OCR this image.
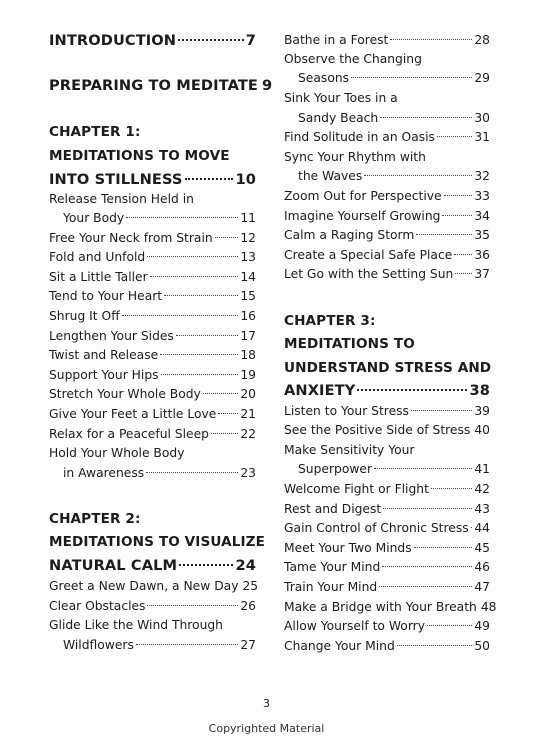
INTRODUCTION	7
PREPARING TO MEDITATE 9
CHAPTER 1:
MEDITATIONS TO MOVE
INTO STILLNESS	10
Release Tension Held in
Your Body	11
Free Your Neck from Strain 12
Fold and Unfold	13
Sit a Little Taller	14
Tend to Your Heart	15
Shrug It Off	16
Lengthen Your Sides	17
Twist and Release	18
Support Your Hips	19
Stretch Your Whole Body	20
Give Your Feet a Little Love 21
Relax for a Peaceful Sleep	22
Hold Your Whole Body
in Awareness	23
CHAPTER 2:
MEDITATIONS TO VISUALIZE
NATURAL CALM	24
Greet a New Dawn, a New Day 25
Clear Obstacles	26
Glide Like the Wind Through
Wildflowers	27
Bathe in a Forest	28
Observe the Changing
Seasons	29
Sink Your Toes in a
Sandy Beach	30
Find Solitude in an Oasis	31
Sync Your Rhythm with
the Waves	32
Zoom Out for Perspective	33
Imagine Yourself Growing	34
Calm a Raging Storm	35
Create a Special Safe Place 36
Let Go with the Setting Sun 37
CHAPTER 3:
MEDITATIONS TO
UNDERSTAND STRESS AND
ANXIETY	38
Listen to Your Stress	39
See the Positive Side of Stress 40
Make Sensitivity Your
Superpower	41
Welcome Fight or Flight	42
Rest and Digest	43
Gain Control of Chronic Stress 44
Meet Your Two Minds	45
Tame Your Mind	46
Train Your Mind	47
Make a Bridge with Your Breath 48
Allow Yourself to Worry	49
Change Your Mind	50
3
Copyrighted Material
